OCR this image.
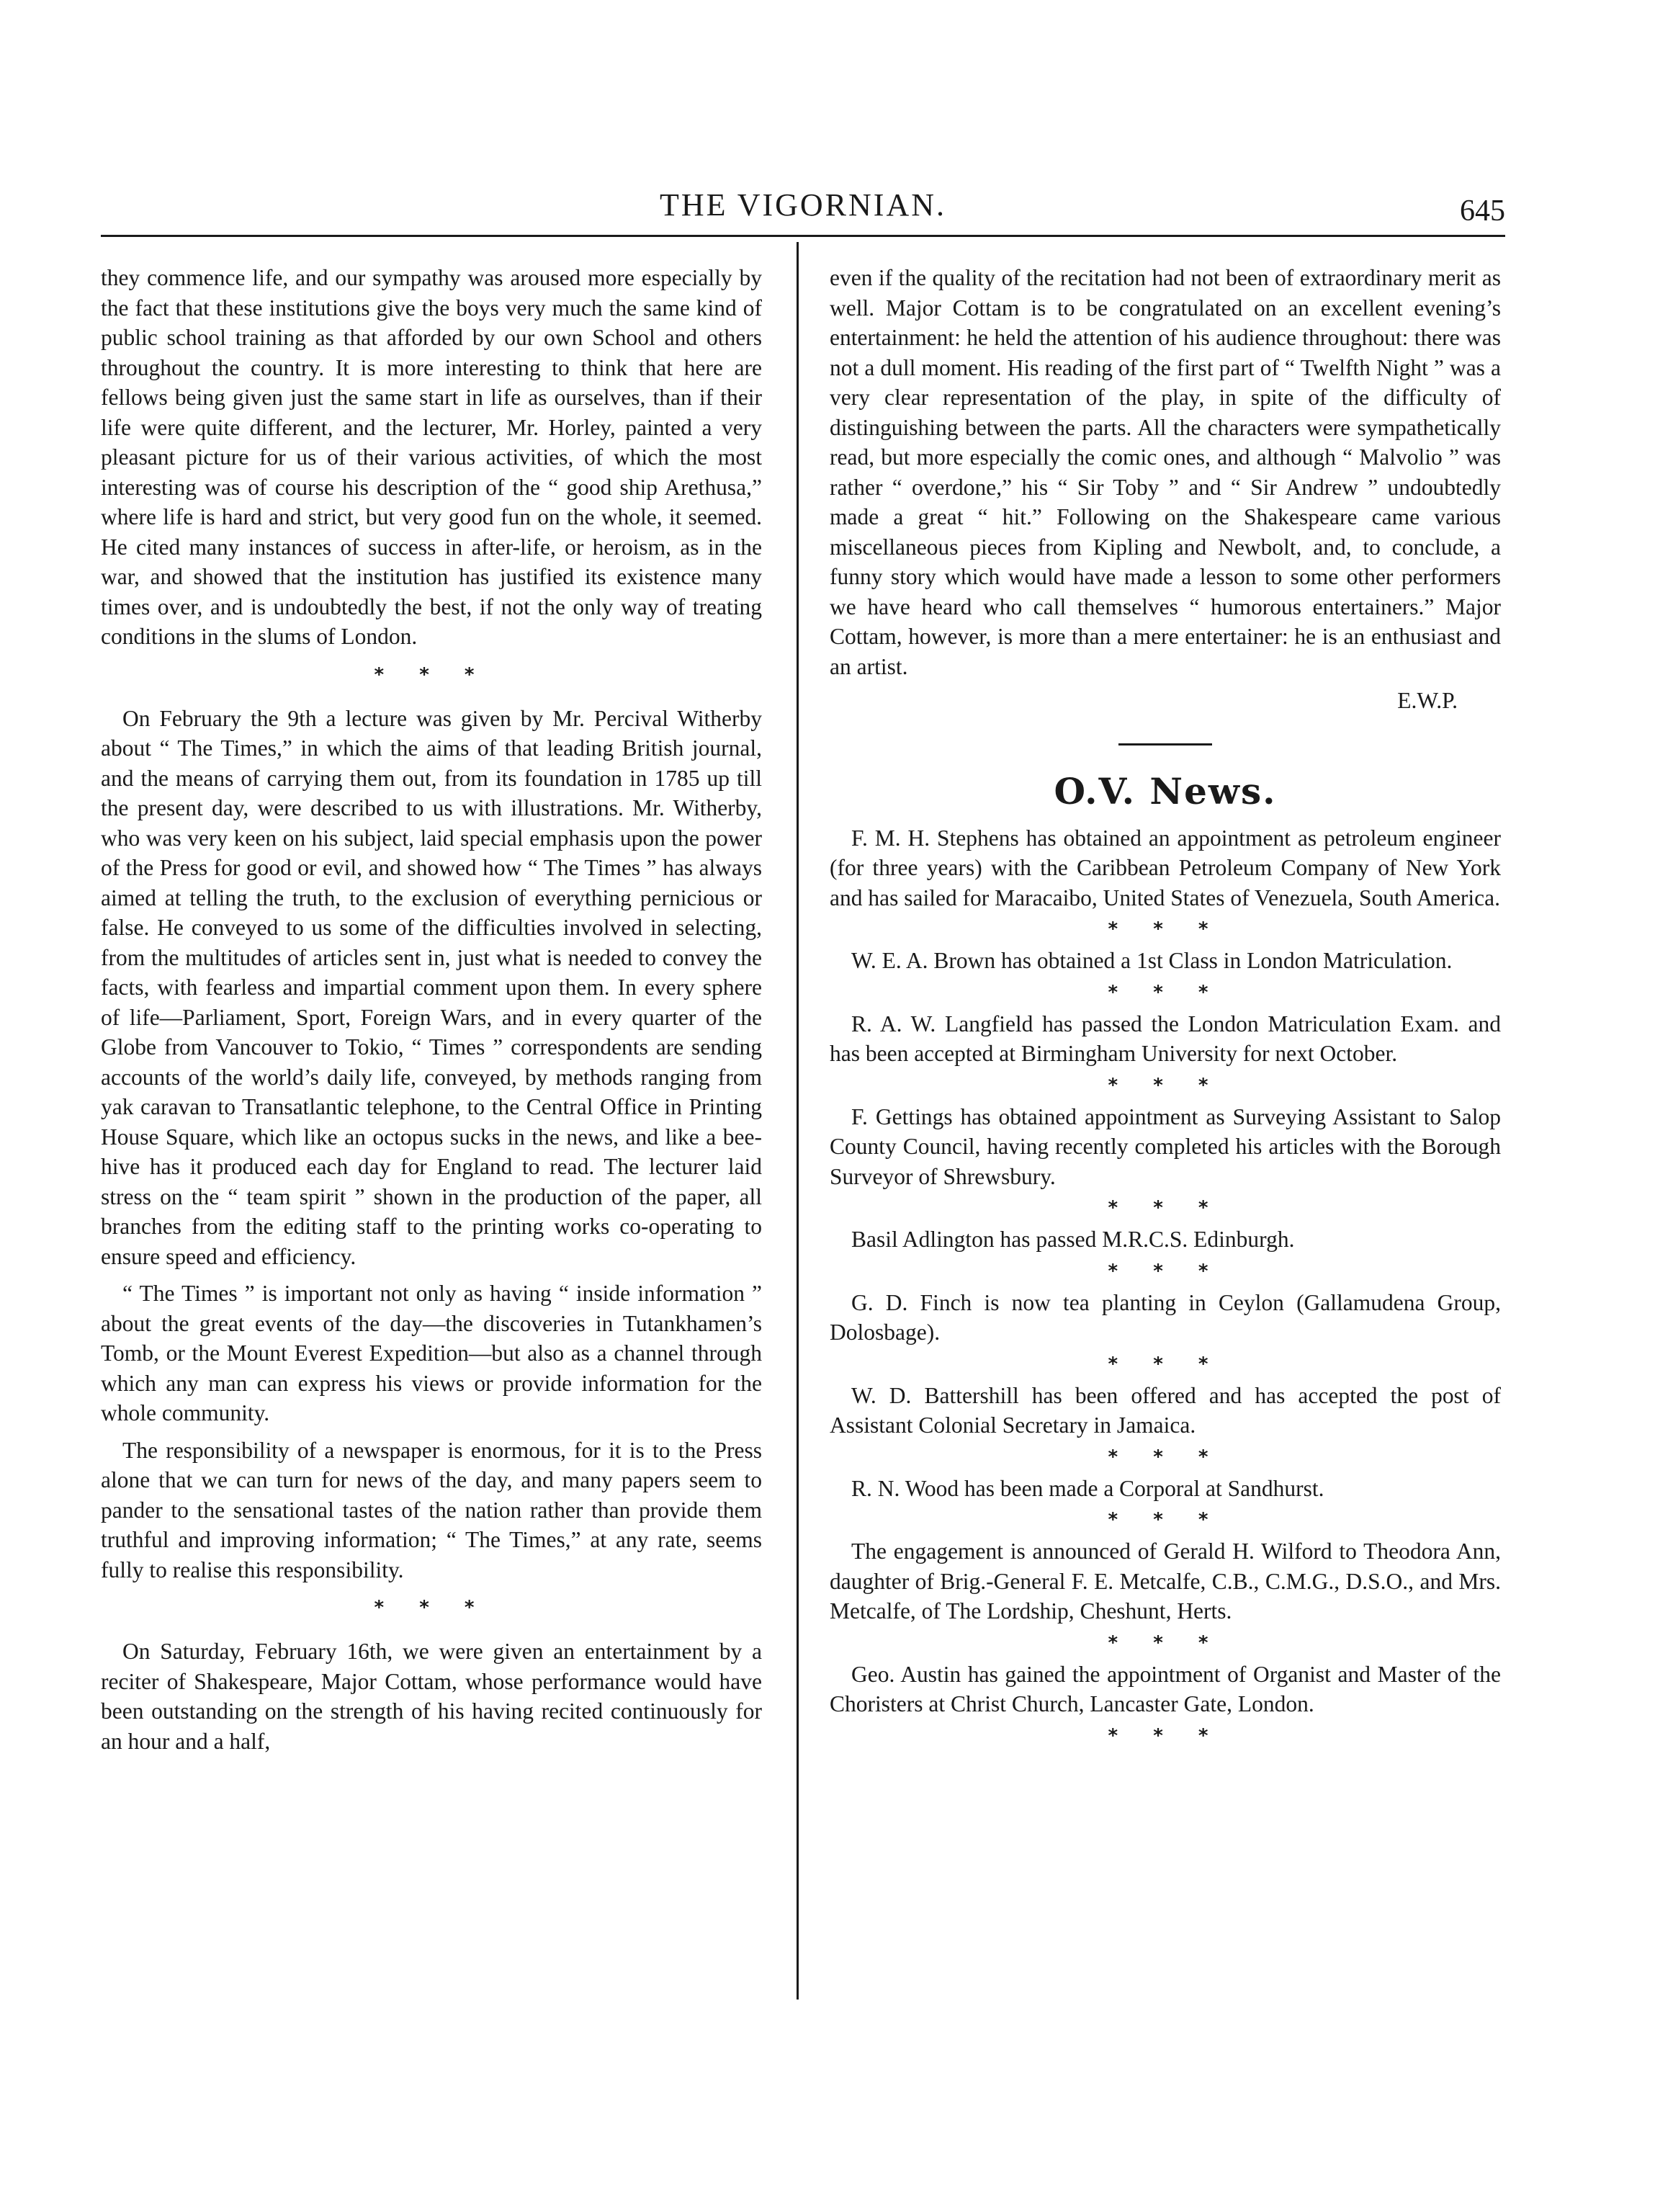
THE VIGORNIAN.	645

they commence life, and our sympathy was aroused more especially by the fact that these institutions give the boys very much the same kind of public school training as that afforded by our own School and others throughout the country. It is more interesting to think that here are fellows being given just the same start in life as ourselves, than if their life were quite different, and the lecturer, Mr. Horley, painted a very pleasant picture for us of their various activities, of which the most interesting was of course his description of the “ good ship Arethusa,” where life is hard and strict, but very good fun on the whole, it seemed. He cited many instances of success in after-life, or heroism, as in the war, and showed that the institution has justified its existence many times over, and is undoubtedly the best, if not the only way of treating conditions in the slums of London.

* * *

On February the 9th a lecture was given by Mr. Percival Witherby about “ The Times,” in which the aims of that leading British journal, and the means of carrying them out, from its foundation in 1785 up till the present day, were described to us with illustrations. Mr. Witherby, who was very keen on his subject, laid special emphasis upon the power of the Press for good or evil, and showed how “ The Times ” has always aimed at telling the truth, to the exclusion of everything pernicious or false. He conveyed to us some of the difficulties involved in selecting, from the multitudes of articles sent in, just what is needed to convey the facts, with fearless and impartial comment upon them. In every sphere of life—Parliament, Sport, Foreign Wars, and in every quarter of the Globe from Vancouver to Tokio, “ Times ” correspondents are sending accounts of the world’s daily life, conveyed, by methods ranging from yak caravan to Transatlantic telephone, to the Central Office in Printing House Square, which like an octopus sucks in the news, and like a bee-hive has it produced each day for England to read. The lecturer laid stress on the “ team spirit ” shown in the production of the paper, all branches from the editing staff to the printing works co-operating to ensure speed and efficiency.

“ The Times ” is important not only as having “ inside information ” about the great events of the day—the discoveries in Tutankhamen’s Tomb, or the Mount Everest Expedition—but also as a channel through which any man can express his views or provide information for the whole community.

The responsibility of a newspaper is enormous, for it is to the Press alone that we can turn for news of the day, and many papers seem to pander to the sensational tastes of the nation rather than provide them truthful and improving information; “ The Times,” at any rate, seems fully to realise this responsibility.

* * *

On Saturday, February 16th, we were given an entertainment by a reciter of Shakespeare, Major Cottam, whose performance would have been outstanding on the strength of his having recited continuously for an hour and a half,

even if the quality of the recitation had not been of extraordinary merit as well. Major Cottam is to be congratulated on an excellent evening’s entertainment: he held the attention of his audience throughout: there was not a dull moment. His reading of the first part of “ Twelfth Night ” was a very clear representation of the play, in spite of the difficulty of distinguishing between the parts. All the characters were sympathetically read, but more especially the comic ones, and although “ Malvolio ” was rather “ overdone,” his “ Sir Toby ” and “ Sir Andrew ” undoubtedly made a great “ hit.” Following on the Shakespeare came various miscellaneous pieces from Kipling and Newbolt, and, to conclude, a funny story which would have made a lesson to some other performers we have heard who call themselves “ humorous entertainers.” Major Cottam, however, is more than a mere entertainer: he is an enthusiast and an artist.

E.W.P.
O.V. News.

F. M. H. Stephens has obtained an appointment as petroleum engineer (for three years) with the Caribbean Petroleum Company of New York and has sailed for Maracaibo, United States of Venezuela, South America.

* * *

W. E. A. Brown has obtained a 1st Class in London Matriculation.

* * *

R. A. W. Langfield has passed the London Matriculation Exam. and has been accepted at Birmingham University for next October.

* * *

F. Gettings has obtained appointment as Surveying Assistant to Salop County Council, having recently completed his articles with the Borough Surveyor of Shrewsbury.

* * *

Basil Adlington has passed M.R.C.S. Edinburgh.

* * *

G. D. Finch is now tea planting in Ceylon (Gallamudena Group, Dolosbage).

* * *

W. D. Battershill has been offered and has accepted the post of Assistant Colonial Secretary in Jamaica.

* * *

R. N. Wood has been made a Corporal at Sandhurst.

* * *

The engagement is announced of Gerald H. Wilford to Theodora Ann, daughter of Brig.-General F. E. Metcalfe, C.B., C.M.G., D.S.O., and Mrs. Metcalfe, of The Lordship, Cheshunt, Herts.

* * *

Geo. Austin has gained the appointment of Organist and Master of the Choristers at Christ Church, Lancaster Gate, London.

* * *
